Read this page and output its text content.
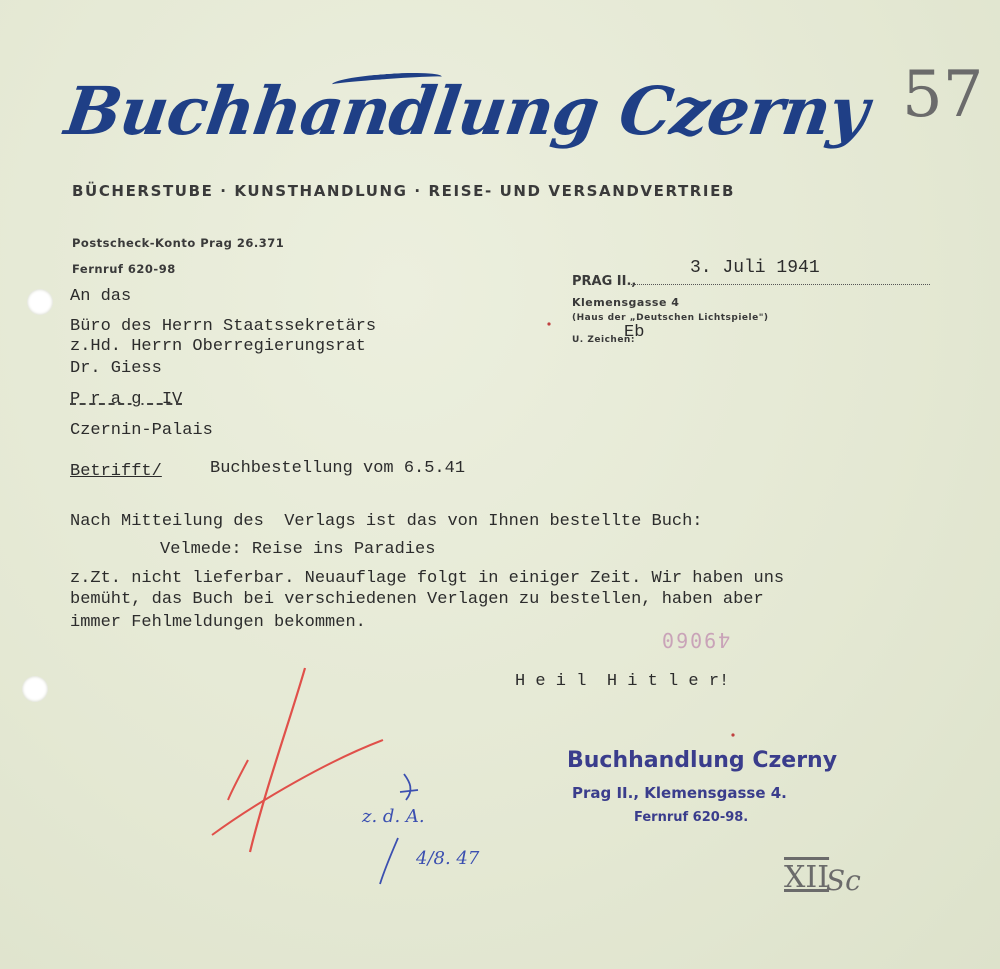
Buchhandlung Czerny
BÜCHERSTUBE · KUNSTHANDLUNG · REISE- UND VERSANDVERTRIEB
Postscheck-Konto Prag 26.371
Fernruf 620-98
PRAG II.,
3. Juli 1941
Klemensgasse 4
(Haus der „Deutschen Lichtspiele")
U. Zeichen:
Eb
An das
Büro des Herrn Staatssekretärs
z.Hd. Herrn Oberregierungsrat
Dr. Giess
P r a g  IV
Czernin-Palais
Betrifft/	Buchbestellung vom 6.5.41
Nach Mitteilung des  Verlags ist das von Ihnen bestellte Buch:
Velmede: Reise ins Paradies
z.Zt. nicht lieferbar. Neuauflage folgt in einiger Zeit. Wir haben uns
bemüht, das Buch bei verschiedenen Verlagen zu bestellen, haben aber
immer Fehlmeldungen bekommen.
49060
H e i l  H i t l e r!
Buchhandlung Czerny
Prag II., Klemensgasse 4.
Fernruf 620-98.
57
z. d. A.
4/8. 47
XII
Sc
